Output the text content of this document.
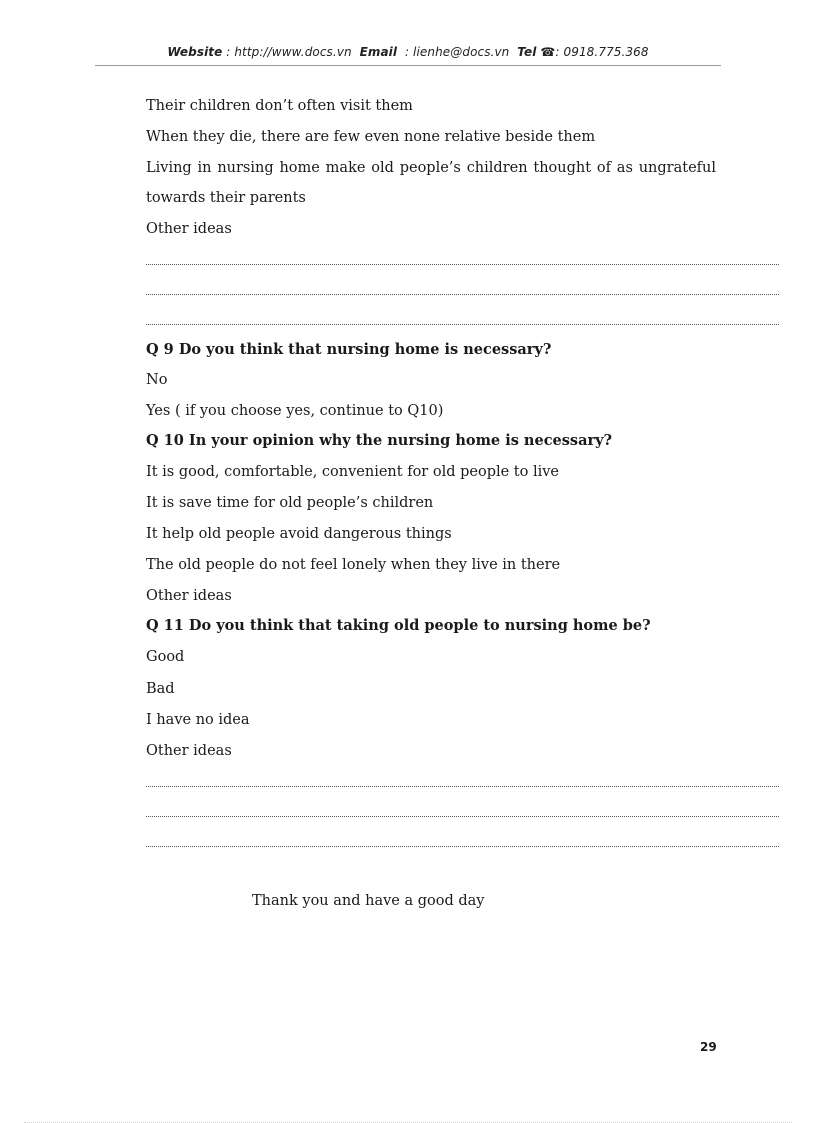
Website : http://www.docs.vn Email : lienhe@docs.vn Tel ☎: 0918.775.368
Their children don’t often visit them
When they die, there are few even none relative beside them
Living in nursing home make old people’s children thought of as ungrateful
towards their parents
Other ideas
Q 9 Do you think that nursing home is necessary?
No
Yes ( if you choose yes, continue to Q10)
Q 10 In your opinion why the nursing home is necessary?
It is good, comfortable, convenient for old people to live
It is save time for old people’s children
It help old people avoid dangerous things
The old people do not feel lonely when they live in there
Other ideas
Q 11 Do you think that taking old people to nursing home be?
Good
Bad
I have no idea
Other ideas
Thank you and have a good day
29
